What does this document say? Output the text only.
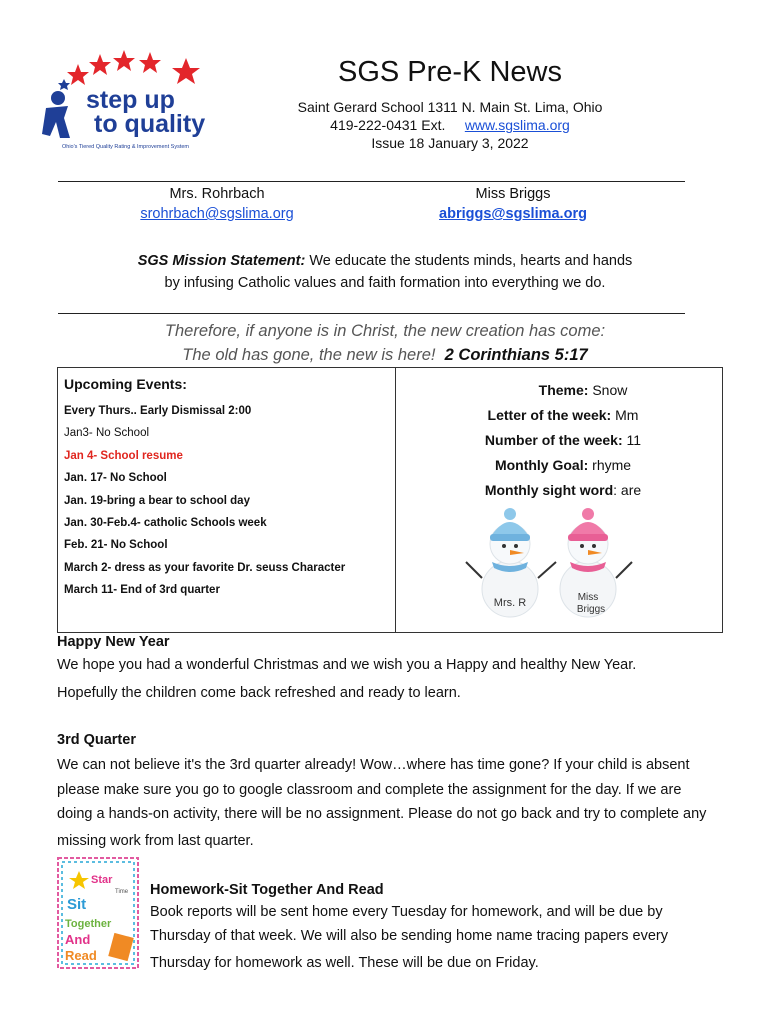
step up
to quality
Ohio's Tiered Quality Rating & Improvement System
SGS Pre-K News
Saint Gerard School 1311 N. Main St. Lima, Ohio
419-222-0431 Ext. www.sgslima.org
Issue 18 January 3, 2022
Mrs. Rohrbach
srohrbach@sgslima.org
Miss Briggs
abriggs@sgslima.org
SGS Mission Statement: We educate the students minds, hearts and hands
by infusing Catholic values and faith formation into everything we do.
Therefore, if anyone is in Christ, the new creation has come:
The old has gone, the new is here! 2 Corinthians 5:17
Upcoming Events:
Every Thurs.. Early Dismissal 2:00
Jan3- No School
Jan 4- School resume
Jan. 17- No School
Jan. 19-bring a bear to school day
Jan. 30-Feb.4- catholic Schools week
Feb. 21- No School
March 2- dress as your favorite Dr. seuss Character
March 11- End of 3rd quarter
Theme: Snow
Letter of the week: Mm
Number of the week: 11
Monthly Goal: rhyme
Monthly sight word: are
Mrs. R	Miss
Briggs
Happy New Year
We hope you had a wonderful Christmas and we wish you a Happy and healthy New Year.
Hopefully the children come back refreshed and ready to learn.
3rd Quarter
We can not believe it's the 3rd quarter already! Wow…where has time gone? If your child is absent
please make sure you go to google classroom and complete the assignment for the day. If we are
doing a hands-on activity, there will be no assignment. Please do not go back and try to complete any
missing work from last quarter.
Star
Time
Sit
Together
And
Read
Homework-Sit Together And Read
Book reports will be sent home every Tuesday for homework, and will be due by
Thursday of that week. We will also be sending home name tracing papers every
Thursday for homework as well. These will be due on Friday.
